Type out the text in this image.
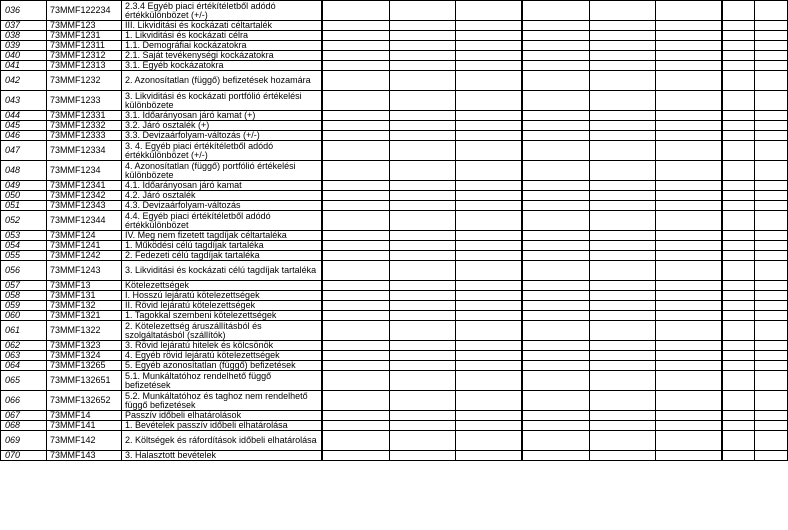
036	73MMF122234	2.3.4 Egyéb piaci értékítéletből adódó értékkülönbözet (+/-)								
037	73MMF123	III. Likviditási és kockázati céltartalék								
038	73MMF1231	1. Likviditási és kockázati célra								
039	73MMF12311	1.1. Demográfiai kockázatokra								
040	73MMF12312	2.1. Saját tevékenységi kockázatokra								
041	73MMF12313	3.1. Egyéb kockázatokra								
042	73MMF1232	2. Azonosítatlan (függő) befizetések hozamára								
043	73MMF1233	3. Likviditási és kockázati portfólió értékelési különbözete								
044	73MMF12331	3.1. Időarányosan járó kamat (+)								
045	73MMF12332	3.2. Járó osztalék (+)								
046	73MMF12333	3.3. Devizaárfolyam-változás (+/-)								
047	73MMF12334	3. 4. Egyéb piaci értékítéletből adódó értékkülönbözet (+/-)								
048	73MMF1234	4. Azonosítatlan (függő) portfólió értékelési különbözete								
049	73MMF12341	4.1. Időarányosan járó kamat								
050	73MMF12342	4.2. Járó osztalék								
051	73MMF12343	4.3. Devizaárfolyam-változás								
052	73MMF12344	4.4. Egyéb piaci értékítéletből adódó értékkülönbözet								
053	73MMF124	IV. Meg nem fizetett tagdíjak céltartaléka								
054	73MMF1241	1. Működési célú tagdíjak tartaléka								
055	73MMF1242	2. Fedezeti célú tagdíjak tartaléka								
056	73MMF1243	3. Likviditási és kockázati célú tagdíjak tartaléka								
057	73MMF13	Kötelezettségek								
058	73MMF131	I. Hosszú lejáratú kötelezettségek								
059	73MMF132	II. Rövid lejáratú kötelezettségek								
060	73MMF1321	1. Tagokkal szembeni kötelezettségek								
061	73MMF1322	2. Kötelezettség áruszállításból és szolgáltatásból (szállítók)								
062	73MMF1323	3. Rövid lejáratú hitelek és kölcsönök								
063	73MMF1324	4. Egyéb rövid lejáratú kötelezettségek								
064	73MMF13265	5. Egyéb azonosítatlan (függő) befizetések								
065	73MMF132651	5.1. Munkáltatóhoz rendelhető függő befizetések								
066	73MMF132652	5.2. Munkáltatóhoz és taghoz nem rendelhető függő befizetések								
067	73MMF14	Passzív időbeli elhatárolások								
068	73MMF141	1. Bevételek passzív időbeli elhatárolása								
069	73MMF142	2. Költségek és ráfordítások időbeli elhatárolása								
070	73MMF143	3. Halasztott bevételek								
